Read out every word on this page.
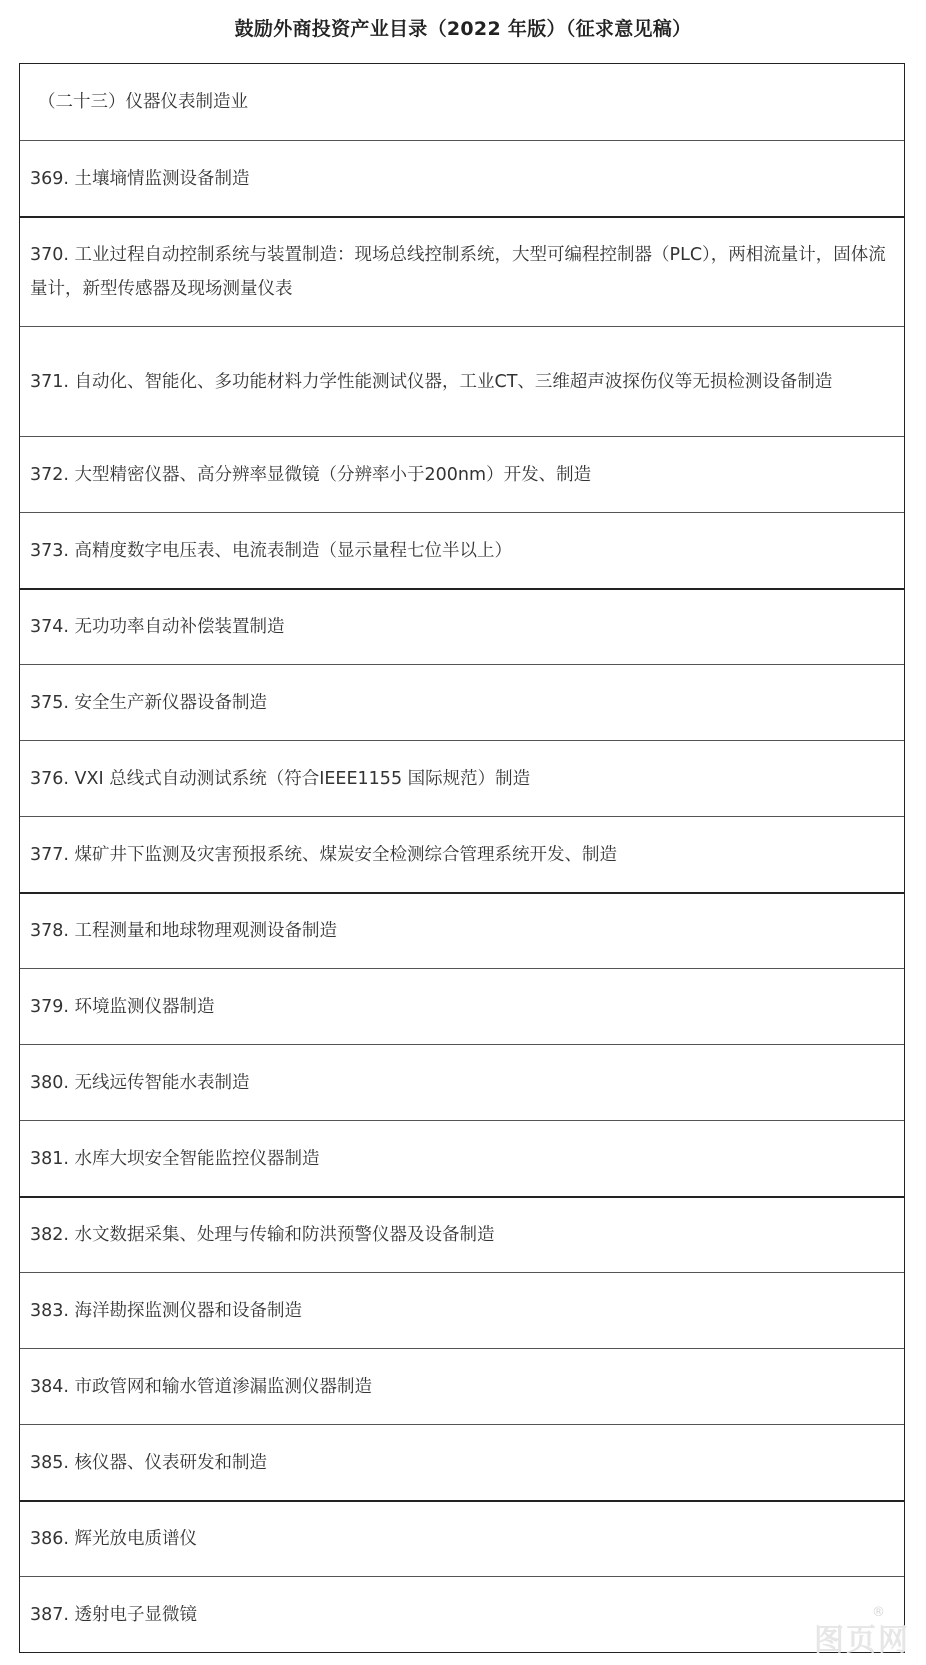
鼓励外商投资产业目录（2022 年版）（征求意见稿）
（二十三）仪器仪表制造业
369. 土壤墒情监测设备制造
370. 工业过程自动控制系统与装置制造：现场总线控制系统，大型可编程控制器（PLC），两相流量计，固体流量计，新型传感器及现场测量仪表
371. 自动化、智能化、多功能材料力学性能测试仪器，工业CT、三维超声波探伤仪等无损检测设备制造
372. 大型精密仪器、高分辨率显微镜（分辨率小于200nm）开发、制造
373. 高精度数字电压表、电流表制造（显示量程七位半以上）
374. 无功功率自动补偿装置制造
375. 安全生产新仪器设备制造
376. VXI 总线式自动测试系统（符合IEEE1155 国际规范）制造
377. 煤矿井下监测及灾害预报系统、煤炭安全检测综合管理系统开发、制造
378. 工程测量和地球物理观测设备制造
379. 环境监测仪器制造
380. 无线远传智能水表制造
381. 水库大坝安全智能监控仪器制造
382. 水文数据采集、处理与传输和防洪预警仪器及设备制造
383. 海洋勘探监测仪器和设备制造
384. 市政管网和输水管道渗漏监测仪器制造
385. 核仪器、仪表研发和制造
386. 辉光放电质谱仪
387. 透射电子显微镜
图页网
®
